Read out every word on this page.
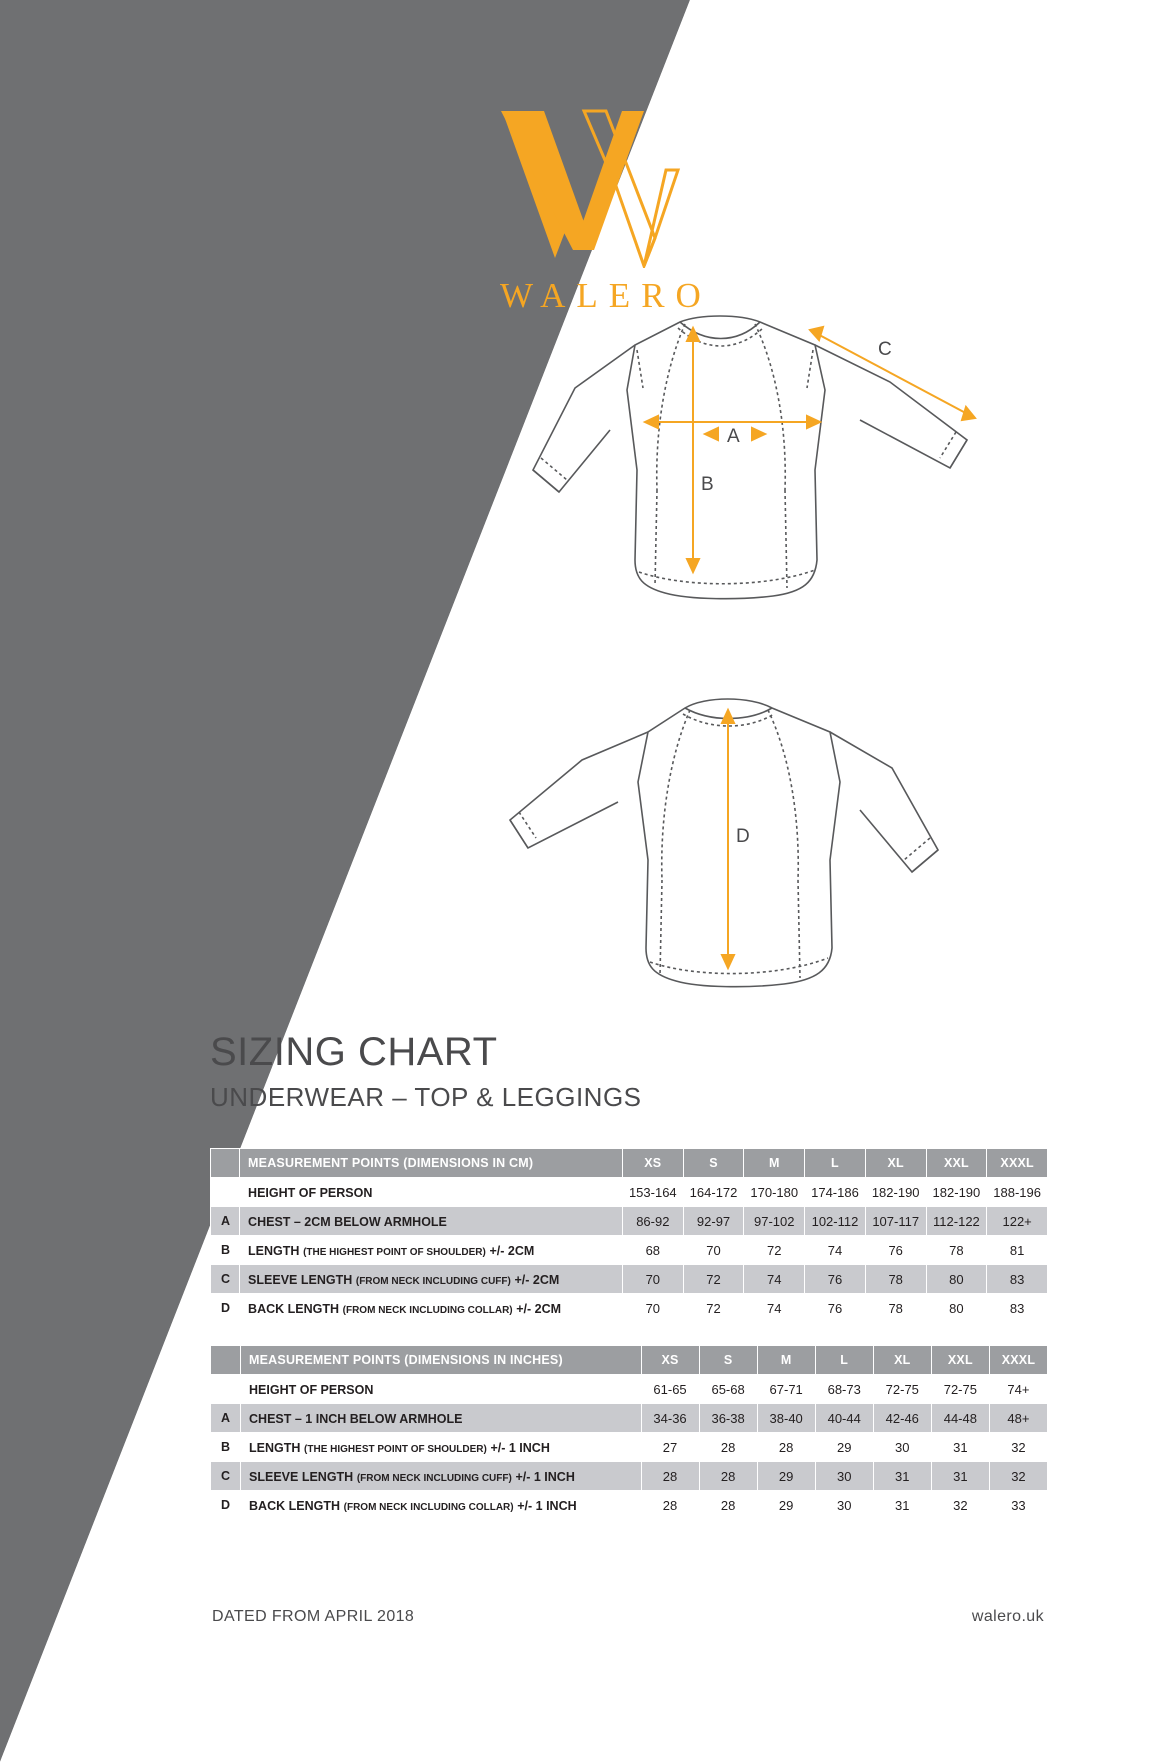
WALERO
A
B
C
D
SIZING CHART
UNDERWEAR – TOP & LEGGINGS
	MEASUREMENT POINTS (DIMENSIONS IN CM)	XS	S	M	L	XL	XXL	XXXL
	HEIGHT OF PERSON	153-164	164-172	170-180	174-186	182-190	182-190	188-196
A	CHEST – 2CM BELOW ARMHOLE	86-92	92-97	97-102	102-112	107-117	112-122	122+
B	LENGTH (THE HIGHEST POINT OF SHOULDER) +/- 2CM	68	70	72	74	76	78	81
C	SLEEVE LENGTH (FROM NECK INCLUDING CUFF) +/- 2CM	70	72	74	76	78	80	83
D	BACK LENGTH (FROM NECK INCLUDING COLLAR) +/- 2CM	70	72	74	76	78	80	83
	MEASUREMENT POINTS (DIMENSIONS IN INCHES)	XS	S	M	L	XL	XXL	XXXL
	HEIGHT OF PERSON	61-65	65-68	67-71	68-73	72-75	72-75	74+
A	CHEST – 1 INCH BELOW ARMHOLE	34-36	36-38	38-40	40-44	42-46	44-48	48+
B	LENGTH (THE HIGHEST POINT OF SHOULDER) +/- 1 INCH	27	28	28	29	30	31	32
C	SLEEVE LENGTH (FROM NECK INCLUDING CUFF) +/- 1 INCH	28	28	29	30	31	31	32
D	BACK LENGTH (FROM NECK INCLUDING COLLAR) +/- 1 INCH	28	28	29	30	31	32	33
DATED FROM APRIL 2018	walero.uk
